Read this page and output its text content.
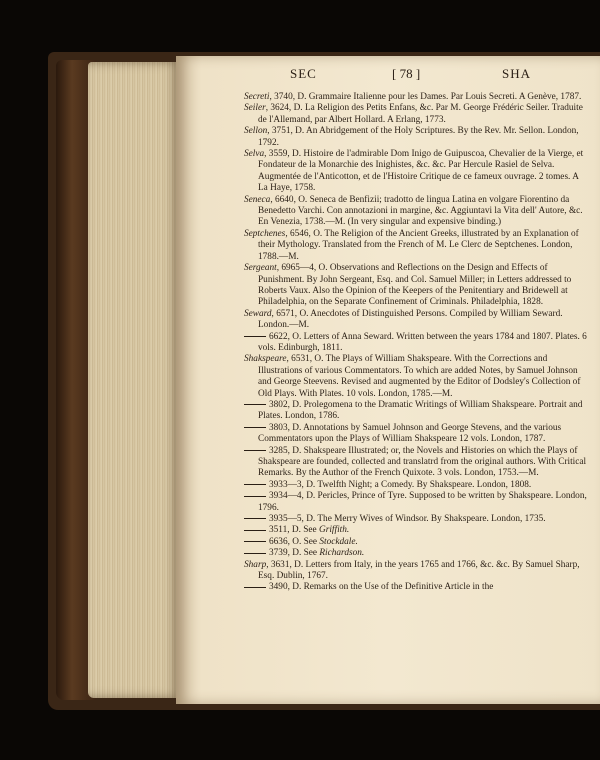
SEC	[ 78 ]	SHA

Secreti, 3740, D. Grammaire Italienne pour les Dames. Par Louis Secreti. A Genève, 1787.

Seiler, 3624, D. La Religion des Petits Enfans, &c. Par M. George Frédéric Seiler. Traduite de l'Allemand, par Albert Hollard. A Erlang, 1773.

Sellon, 3751, D. An Abridgement of the Holy Scriptures. By the Rev. Mr. Sellon. London, 1792.

Selva, 3559, D. Histoire de l'admirable Dom Inigo de Guipuscoa, Chevalier de la Vierge, et Fondateur de la Monarchie des Inighistes, &c. &c. Par Hercule Rasiel de Selva. Augmentée de l'Anticotton, et de l'Histoire Critique de ce fameux ouvrage. 2 tomes. A La Haye, 1758.

Seneca, 6640, O. Seneca de Benfizii; tradotto de lingua Latina en volgare Fiorentino da Benedetto Varchi. Con annotazioni in margine, &c. Aggiuntavi la Vita dell' Autore, &c. En Venezia, 1738.—M. (In very singular and expensive binding.)

Septchenes, 6546, O. The Religion of the Ancient Greeks, illustrated by an Explanation of their Mythology. Translated from the French of M. Le Clerc de Septchenes. London, 1788.—M.

Sergeant, 6965—4, O. Observations and Reflections on the Design and Effects of Punishment. By John Sergeant, Esq. and Col. Samuel Miller; in Letters addressed to Roberts Vaux. Also the Opinion of the Keepers of the Penitentiary and Bridewell at Philadelphia, on the Separate Confinement of Criminals. Philadelphia, 1828.

Seward, 6571, O. Anecdotes of Distinguished Persons. Compiled by William Seward. London.—M.

6622, O. Letters of Anna Seward. Written between the years 1784 and 1807. Plates. 6 vols. Edinburgh, 1811.

Shakspeare, 6531, O. The Plays of William Shakspeare. With the Corrections and Illustrations of various Commentators. To which are added Notes, by Samuel Johnson and George Steevens. Revised and augmented by the Editor of Dodsley's Collection of Old Plays. With Plates. 10 vols. London, 1785.—M.

3802, D. Prolegomena to the Dramatic Writings of William Shakspeare. Portrait and Plates. London, 1786.

3803, D. Annotations by Samuel Johnson and George Stevens, and the various Commentators upon the Plays of William Shakspeare 12 vols. London, 1787.

3285, D. Shakspeare Illustrated; or, the Novels and Histories on which the Plays of Shakspeare are founded, collected and translatrd from the original authors. With Critical Remarks. By the Author of the French Quixote. 3 vols. London, 1753.—M.

3933—3, D. Twelfth Night; a Comedy. By Shakspeare. London, 1808.

3934—4, D. Pericles, Prince of Tyre. Supposed to be written by Shakspeare. London, 1796.

3935—5, D. The Merry Wives of Windsor. By Shakspeare. London, 1735.

3511, D. See Griffith.

6636, O. See Stockdale.

3739, D. See Richardson.

Sharp, 3631, D. Letters from Italy, in the years 1765 and 1766, &c. &c. By Samuel Sharp, Esq. Dublin, 1767.

3490, D. Remarks on the Use of the Definitive Article in the
